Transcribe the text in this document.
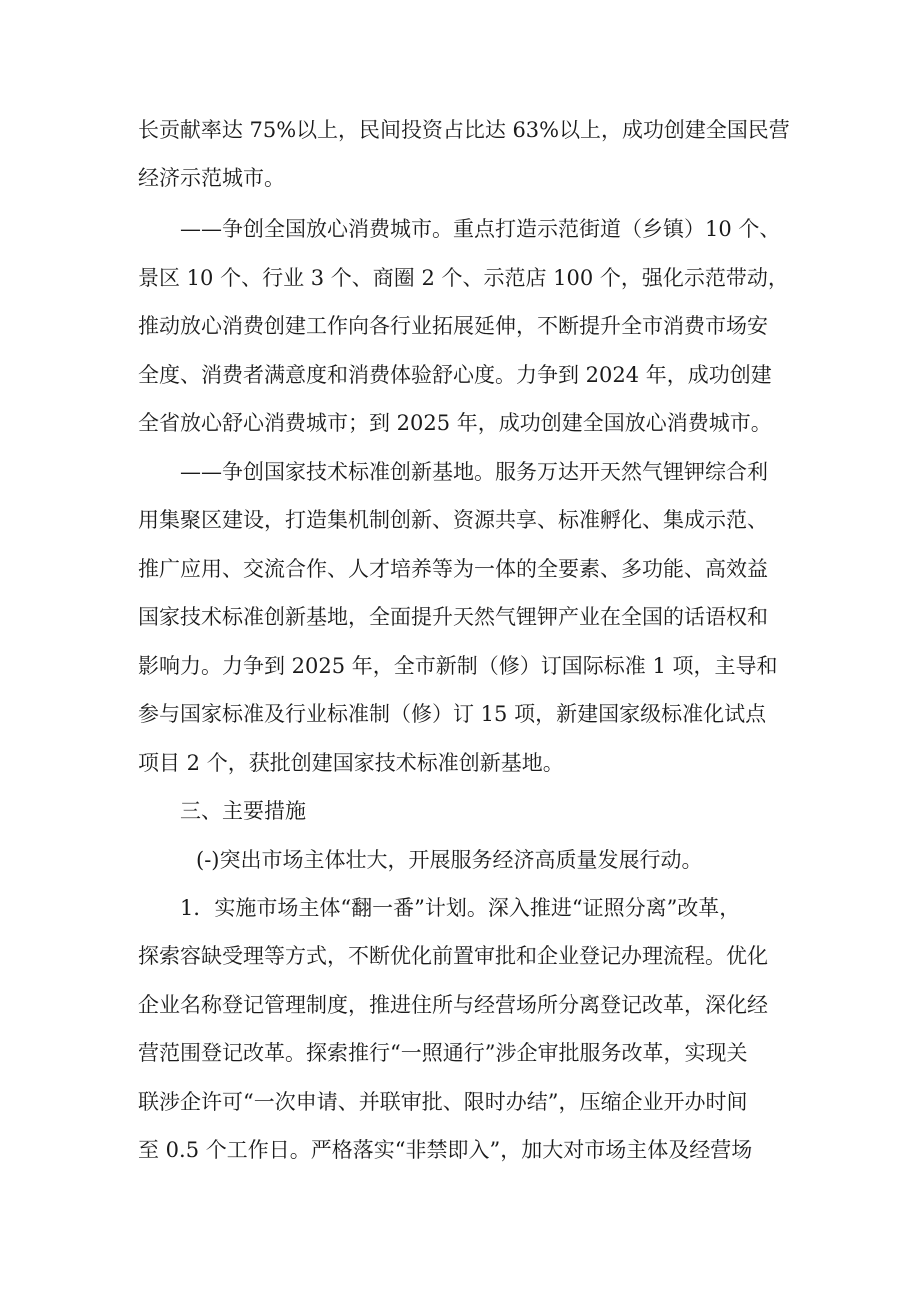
长贡献率达 75%以上，民间投资占比达 63%以上，成功创建全国民营
经济示范城市。
——争创全国放心消费城市。重点打造示范街道（乡镇）10 个、
景区 10 个、行业 3 个、商圈 2 个、示范店 100 个，强化示范带动，
推动放心消费创建工作向各行业拓展延伸，不断提升全市消费市场安
全度、消费者满意度和消费体验舒心度。力争到 2024 年，成功创建
全省放心舒心消费城市；到 2025 年，成功创建全国放心消费城市。
——争创国家技术标准创新基地。服务万达开天然气锂钾综合利
用集聚区建设，打造集机制创新、资源共享、标准孵化、集成示范、
推广应用、交流合作、人才培养等为一体的全要素、多功能、高效益
国家技术标准创新基地，全面提升天然气锂钾产业在全国的话语权和
影响力。力争到 2025 年，全市新制（修）订国际标准 1 项，主导和
参与国家标准及行业标准制（修）订 15 项，新建国家级标准化试点
项目 2 个，获批创建国家技术标准创新基地。
三、主要措施
(-)突出市场主体壮大，开展服务经济高质量发展行动。
1．实施市场主体“翻一番”计划。深入推进“证照分离”改革，
探索容缺受理等方式，不断优化前置审批和企业登记办理流程。优化
企业名称登记管理制度，推进住所与经营场所分离登记改革，深化经
营范围登记改革。探索推行“一照通行”涉企审批服务改革，实现关
联涉企许可“一次申请、并联审批、限时办结”，压缩企业开办时间
至 0.5 个工作日。严格落实“非禁即入”，加大对市场主体及经营场
